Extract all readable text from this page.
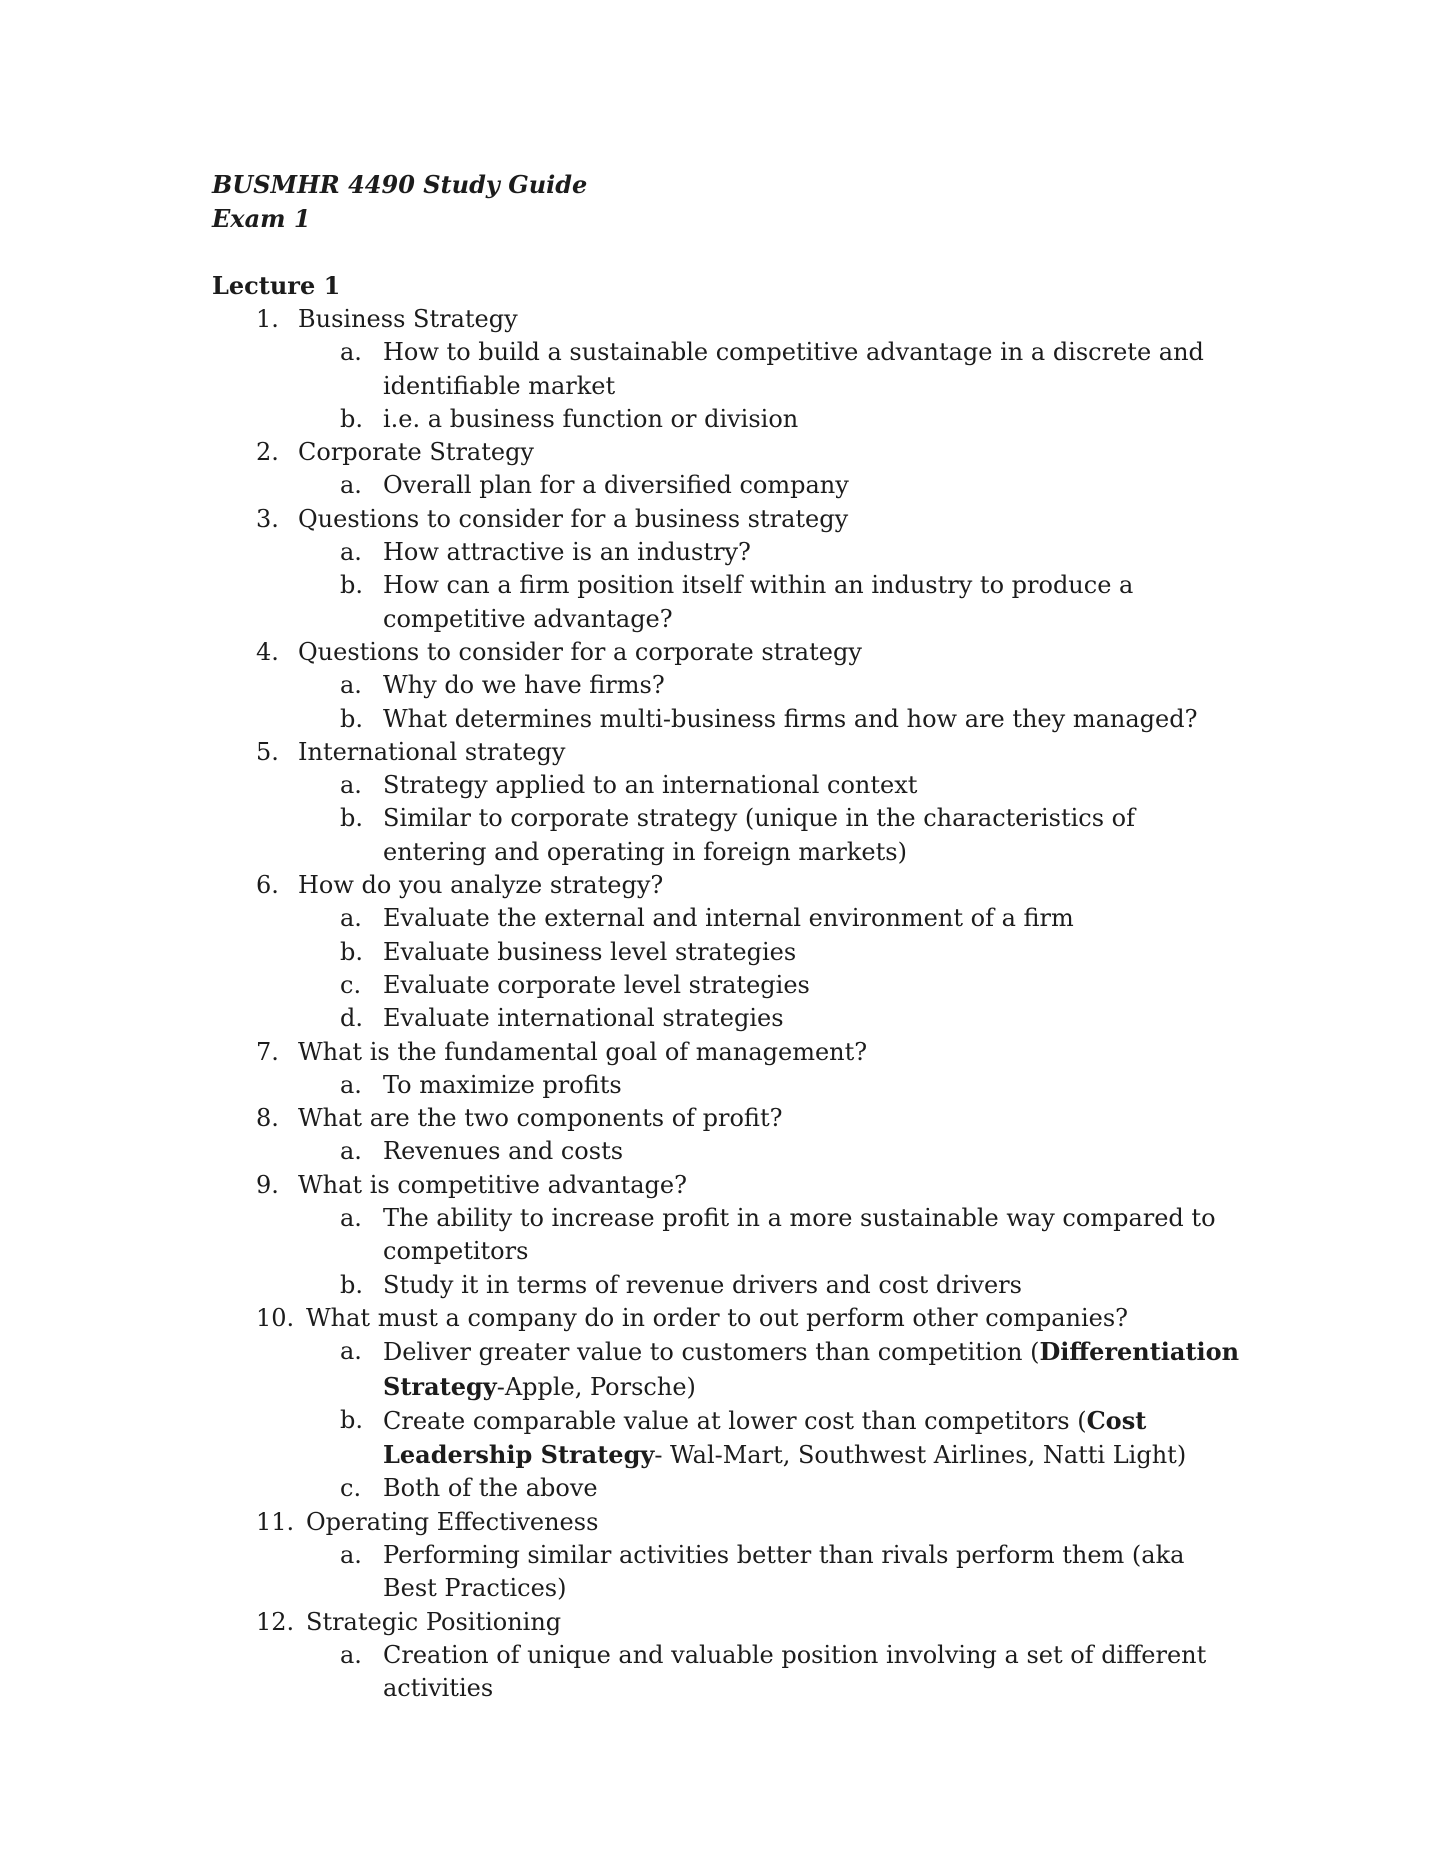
BUSMHR 4490 Study Guide
Exam 1
Lecture 1
1. Business Strategy
a. How to build a sustainable competitive advantage in a discrete and identifiable market
b. i.e. a business function or division
2. Corporate Strategy
a. Overall plan for a diversified company
3. Questions to consider for a business strategy
a. How attractive is an industry?
b. How can a firm position itself within an industry to produce a competitive advantage?
4. Questions to consider for a corporate strategy
a. Why do we have firms?
b. What determines multi-business firms and how are they managed?
5. International strategy
a. Strategy applied to an international context
b. Similar to corporate strategy (unique in the characteristics of entering and operating in foreign markets)
6. How do you analyze strategy?
a. Evaluate the external and internal environment of a firm
b. Evaluate business level strategies
c. Evaluate corporate level strategies
d. Evaluate international strategies
7. What is the fundamental goal of management?
a. To maximize profits
8. What are the two components of profit?
a. Revenues and costs
9. What is competitive advantage?
a. The ability to increase profit in a more sustainable way compared to competitors
b. Study it in terms of revenue drivers and cost drivers
10. What must a company do in order to out perform other companies?
a. Deliver greater value to customers than competition (Differentiation Strategy-Apple, Porsche)
b. Create comparable value at lower cost than competitors (Cost Leadership Strategy- Wal-Mart, Southwest Airlines, Natti Light)
c. Both of the above
11. Operating Effectiveness
a. Performing similar activities better than rivals perform them (aka Best Practices)
12. Strategic Positioning
a. Creation of unique and valuable position involving a set of different activities
